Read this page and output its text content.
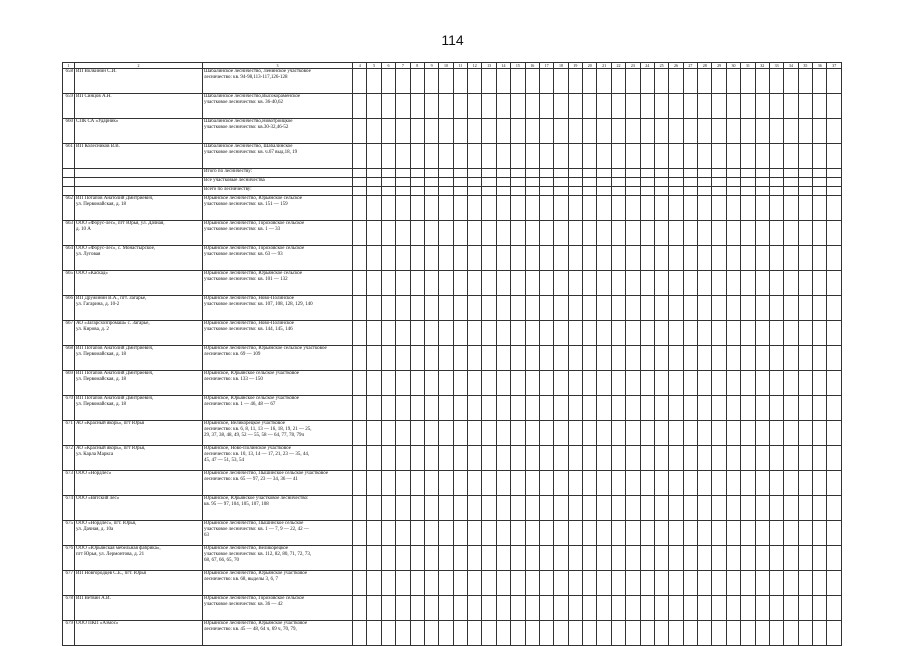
114
1	2	3	4	5	6	7	8	9	10	11	12	13	14	15	16	17	18	19	20	21	22	23	24	25	26	27	28	29	30	31	32	33	34	35	36	37
658	ИП Волкинин С.И.	Шабалинское лесничество, Ленинское участковое
лесничество: кв. 94-98,113-117,126-128																																		
659	ИП Синцов А.Н.	Шабалинское лесничество,Высокораменское
участковое лесничество: кв. 36-40,62																																		
660	СПК СА «Ударник»	Шабалинское лесничество,Новотроицкое
участковое лесничество: кв.30-32,46-52																																		
661	ИП Колесников В.В.	Шабалинское лесничество, Шабалинское
участковое лесничество: кв. ч.67 выд.18, 19																																		
		Итого по лесничеству:																																		
		Все участковые лесничества																																		
		Всего по лесничеству:																																		
662	ИП Потапов Анатолий Дмитриевич,
ул. Первомайская, д. 18	Юрьянское лесничество, Юрьянское сельское
участковое лесничество: кв. 151 — 159																																		
663	ООО «Форус-лес», пгт Юрья, ул. Дачная,
д. 10 А	Юрьянское лесничество, Гороховское сельское
участковое лесничество: кв. 1 — 33																																		
664	ООО «Форус-лес», с. Монастырское,
ул. Луговая	Юрьянское лесничество, Гороховское сельское
участковое лесничество: кв. 63 — 93																																		
665	ООО «Каскад»	Юрьянское лесничество, Юрьянское сельское
участковое лесничество: кв. 101 — 132																																		
666	ИП Дружинин В.А., пгт. Загарье,
ул. Гагарина, д. 10-2	Юрьянское лесничество, Ново-Полинское
участковое лесничество: кв. 107, 108, 128, 129, 140																																		
667	АО «Загарсхозпромаш» с. Загарье,
ул. Кирова, д. 2	Юрьянское лесничество, Ново-Полинское
участковое лесничество: кв. 144, 145, 146																																		
668	ИП Потапов Анатолий Дмитриевич,
ул. Первомайская, д. 18	Юрьянское лесничество, Юрьянское сельское участковое
лесничество: кв. 69 — 109																																		
669	ИП Потапов Анатолий Дмитриевич,
ул. Первомайская, д. 18	Юрьянское, Юрьянское сельское участковое
лесничество: кв. 133 — 150																																		
670	ИП Потапов Анатолий Дмитриевич,
ул. Первомайская, д. 18	Юрьянское, Юрьянское сельское участковое
лесничество: кв. 1 — 46, 48 — 67																																		
671	АО «Красный якорь», пгт Юрья	Юрьянское, Великорецкое участковое
лесничество: кв. 6, 8, 11, 13 — 16, 18, 19, 21 — 25,
29, 37, 38, 48, 49, 52 — 55, 58 — 64, 77, 78, 79ч																																		
672	АО «Красный якорь», пгт Юрья,
ул. Карла Маркса	Юрьянское, Ново-Полинское участковое
лесничество: кв. 10, 13, 14 — 17, 21, 23 — 35, 44,
45, 47 — 51, 53, 54																																		
673	ООО «Нордлес»	Юрьянское лесничество, Пышинское сельское участковое
лесничество: кв. 65 — 97, 23 — 34, 36 — 41																																		
674	ООО «Вятский лес»	Юрьянское, Юрьянское участковое лесничество:
кв. 95 — 97, 104, 105, 107, 108																																		
675	ООО «Нордлес», пгт. Юрья,
ул. Дачная, д. 10а	Юрьянское лесничество, Пышинское сельское
участковое лесничество: кв. 1 — 7, 9 — 22, 42 —
63																																		
676	ООО «Юрьянская мебельная фабрика»,
пгт Юрья, ул. Лермонтова, д. 21	Юрьянское лесничество, Великорецкое
участковое лесничество: кв. 112, 82, 80, 71, 72, 73,
68, 67, 66, 65, 70																																		
677	ИП Новгородцев С.Е., пгт. Юрья	Юрьянское лесничество, Юрьянское участковое
лесничество: кв. 68, выделы 3, 6, 7																																		
678	ИП Ветвин А.И.	Юрьянское лесничество, Гороховское сельское
участковое лесничество: кв. 36 — 42																																		
679	ООО ПКП «Азмос»	Юрьянское лесничество, Юрьянское участковое
лесничество: кв. 45 — 48, 64 ч, 69 ч, 70, 79,																																		
